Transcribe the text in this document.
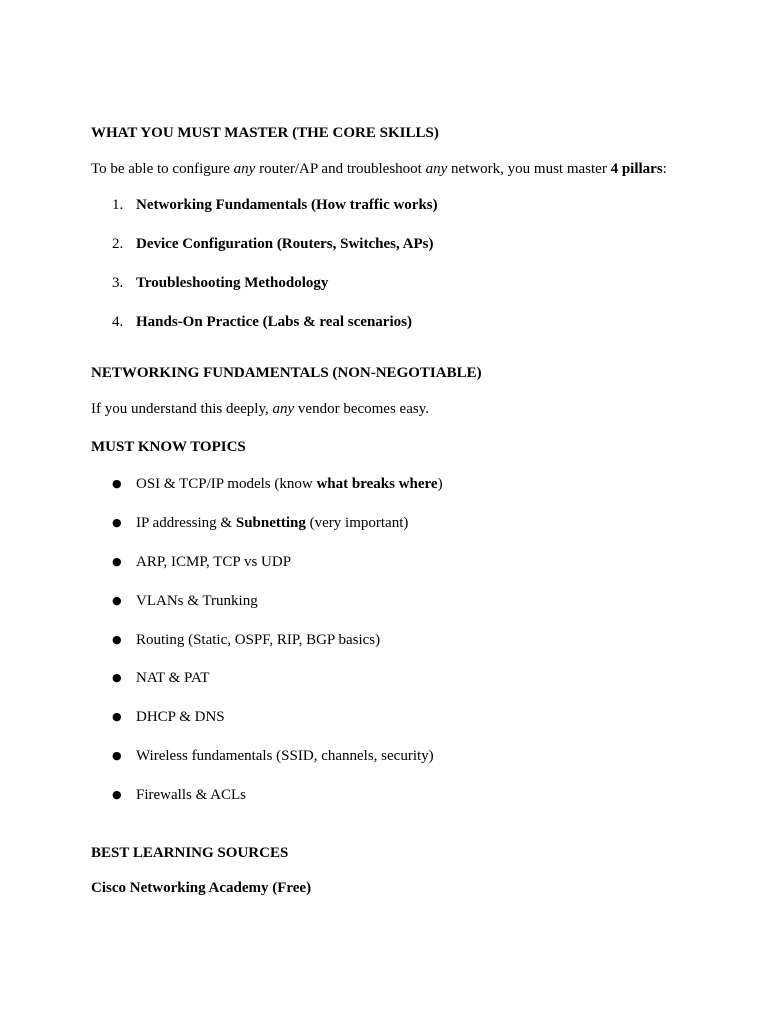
WHAT YOU MUST MASTER (THE CORE SKILLS)
To be able to configure any router/AP and troubleshoot any network, you must master 4 pillars:
1. Networking Fundamentals (How traffic works)
2. Device Configuration (Routers, Switches, APs)
3. Troubleshooting Methodology
4. Hands-On Practice (Labs & real scenarios)
NETWORKING FUNDAMENTALS (NON-NEGOTIABLE)
If you understand this deeply, any vendor becomes easy.
MUST KNOW TOPICS
● OSI & TCP/IP models (know what breaks where)
● IP addressing & Subnetting (very important)
● ARP, ICMP, TCP vs UDP
● VLANs & Trunking
● Routing (Static, OSPF, RIP, BGP basics)
● NAT & PAT
● DHCP & DNS
● Wireless fundamentals (SSID, channels, security)
● Firewalls & ACLs
BEST LEARNING SOURCES
Cisco Networking Academy (Free)
